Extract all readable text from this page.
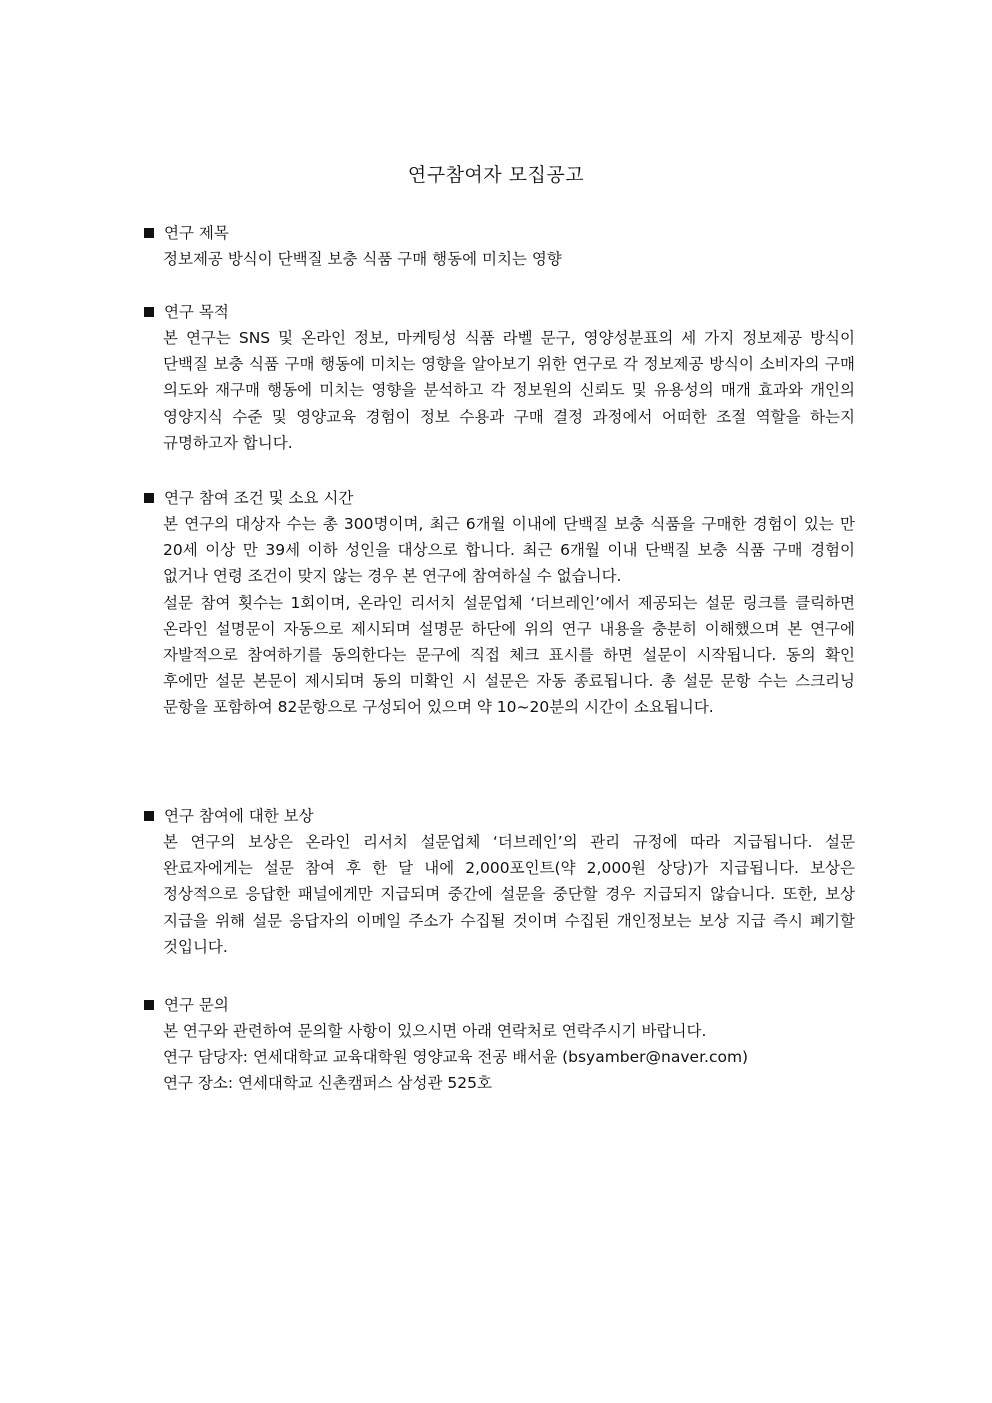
연구참여자 모집공고
연구 제목

정보제공 방식이 단백질 보충 식품 구매 행동에 미치는 영향

연구 목적

본 연구는 SNS 및 온라인 정보, 마케팅성 식품 라벨 문구, 영양성분표의 세 가지 정보제공 방식이 단백질 보충 식품 구매 행동에 미치는 영향을 알아보기 위한 연구로 각 정보제공 방식이 소비자의 구매 의도와 재구매 행동에 미치는 영향을 분석하고 각 정보원의 신뢰도 및 유용성의 매개 효과와 개인의 영양지식 수준 및 영양교육 경험이 정보 수용과 구매 결정 과정에서 어떠한 조절 역할을 하는지 규명하고자 합니다.

연구 참여 조건 및 소요 시간

본 연구의 대상자 수는 총 300명이며, 최근 6개월 이내에 단백질 보충 식품을 구매한 경험이 있는 만 20세 이상 만 39세 이하 성인을 대상으로 합니다. 최근 6개월 이내 단백질 보충 식품 구매 경험이 없거나 연령 조건이 맞지 않는 경우 본 연구에 참여하실 수 없습니다.

설문 참여 횟수는 1회이며, 온라인 리서치 설문업체 ‘더브레인’에서 제공되는 설문 링크를 클릭하면 온라인 설명문이 자동으로 제시되며 설명문 하단에 위의 연구 내용을 충분히 이해했으며 본 연구에 자발적으로 참여하기를 동의한다는 문구에 직접 체크 표시를 하면 설문이 시작됩니다. 동의 확인 후에만 설문 본문이 제시되며 동의 미확인 시 설문은 자동 종료됩니다. 총 설문 문항 수는 스크리닝 문항을 포함하여 82문항으로 구성되어 있으며 약 10~20분의 시간이 소요됩니다.

연구 참여에 대한 보상

본 연구의 보상은 온라인 리서치 설문업체 ‘더브레인’의 관리 규정에 따라 지급됩니다. 설문 완료자에게는 설문 참여 후 한 달 내에 2,000포인트(약 2,000원 상당)가 지급됩니다. 보상은 정상적으로 응답한 패널에게만 지급되며 중간에 설문을 중단할 경우 지급되지 않습니다. 또한, 보상 지급을 위해 설문 응답자의 이메일 주소가 수집될 것이며 수집된 개인정보는 보상 지급 즉시 폐기할 것입니다.

연구 문의

본 연구와 관련하여 문의할 사항이 있으시면 아래 연락처로 연락주시기 바랍니다.

연구 담당자: 연세대학교 교육대학원 영양교육 전공 배서윤 (bsyamber@naver.com)

연구 장소: 연세대학교 신촌캠퍼스 삼성관 525호
